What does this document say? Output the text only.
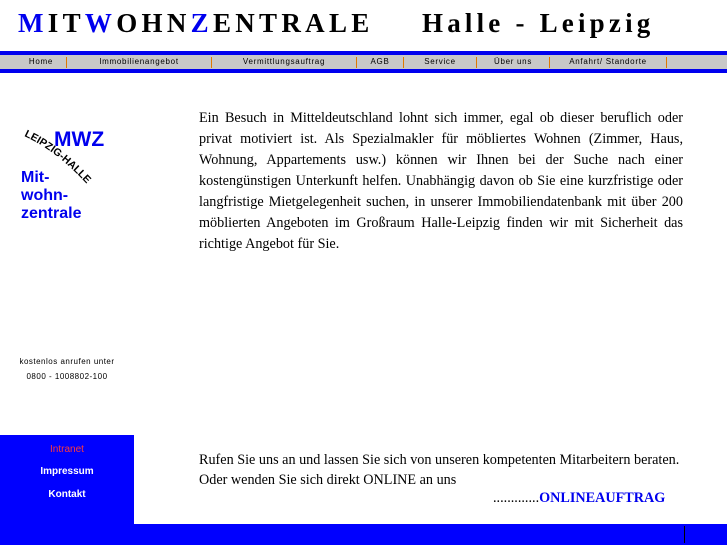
MITWOHNZENTRALE Halle - Leipzig
Home	Immobilienangebot	Vermittlungsauftrag	AGB	Service	Über uns	Anfahrt/ Standorte
MWZ
LEIPZIG-HALLE
Mit-
wohn-
zentrale
kostenlos anrufen unter
0800 - 1008802-100
Intranet
Impressum
Kontakt

Ein Besuch in Mitteldeutschland lohnt sich immer, egal ob dieser beruflich oder privat motiviert ist. Als Spezialmakler für möbliertes Wohnen (Zimmer, Haus, Wohnung, Appartements usw.) können wir Ihnen bei der Suche nach einer kostengünstigen Unterkunft helfen. Unabhängig davon ob Sie eine kurzfristige oder langfristige Mietgelegenheit suchen, in unserer Immobiliendatenbank mit über 200 möblierten Angeboten im Großraum Halle-Leipzig finden wir mit Sicherheit das richtige Angebot für Sie.

Rufen Sie uns an und lassen Sie sich von unseren kompetenten Mitarbeitern beraten. Oder wenden Sie sich direkt ONLINE an uns

.............ONLINEAUFTRAG
